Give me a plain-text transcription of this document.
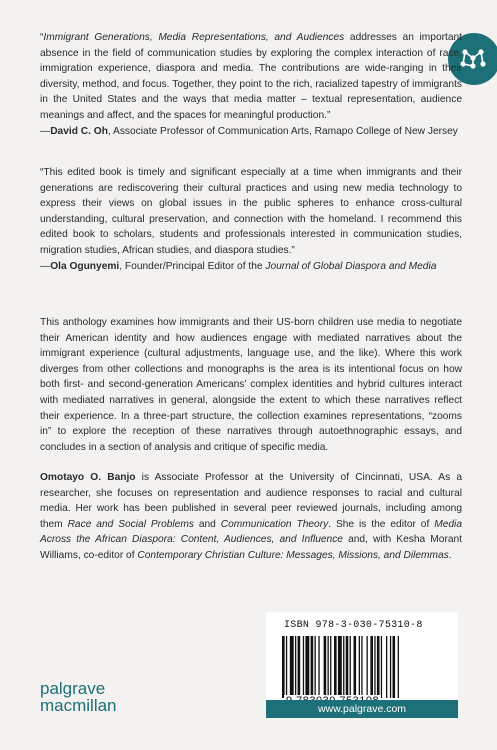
“Immigrant Generations, Media Representations, and Audiences addresses an important absence in the field of communication studies by exploring the complex interaction of race, immigration experience, diaspora and media. The contributions are wide-ranging in their diversity, method, and focus. Together, they point to the rich, racialized tapestry of immigrants in the United States and the ways that media matter – textual representation, audience meanings and affect, and the spaces for meaningful production.”

—David C. Oh, Associate Professor of Communication Arts, Ramapo College of New Jersey

“This edited book is timely and significant especially at a time when immigrants and their generations are rediscovering their cultural practices and using new media technology to express their views on global issues in the public spheres to enhance cross-cultural understanding, cultural preservation, and connection with the homeland. I recommend this edited book to scholars, students and professionals interested in communication studies, migration studies, African studies, and diaspora studies.”

—Ola Ogunyemi, Founder/Principal Editor of the Journal of Global Diaspora and Media

This anthology examines how immigrants and their US-born children use media to negotiate their American identity and how audiences engage with mediated narratives about the immigrant experience (cultural adjustments, language use, and the like). Where this work diverges from other collections and monographs is the area is its intentional focus on how both first- and second-generation Americans’ complex identities and hybrid cultures interact with mediated narratives in general, alongside the extent to which these narratives reflect their experience. In a three-part structure, the collection examines representations, “zooms in” to explore the reception of these narratives through autoethnographic essays, and concludes in a section of analysis and critique of specific media.

Omotayo O. Banjo is Associate Professor at the University of Cincinnati, USA. As a researcher, she focuses on representation and audience responses to racial and cultural media. Her work has been published in several peer reviewed journals, including among them Race and Social Problems and Communication Theory. She is the editor of Media Across the African Diaspora: Content, Audiences, and Influence and, with Kesha Morant Williams, co-editor of Contemporary Christian Culture: Messages, Missions, and Dilemmas.

palgrave
macmillan
ISBN 978-3-030-75310-8
www.palgrave.com
